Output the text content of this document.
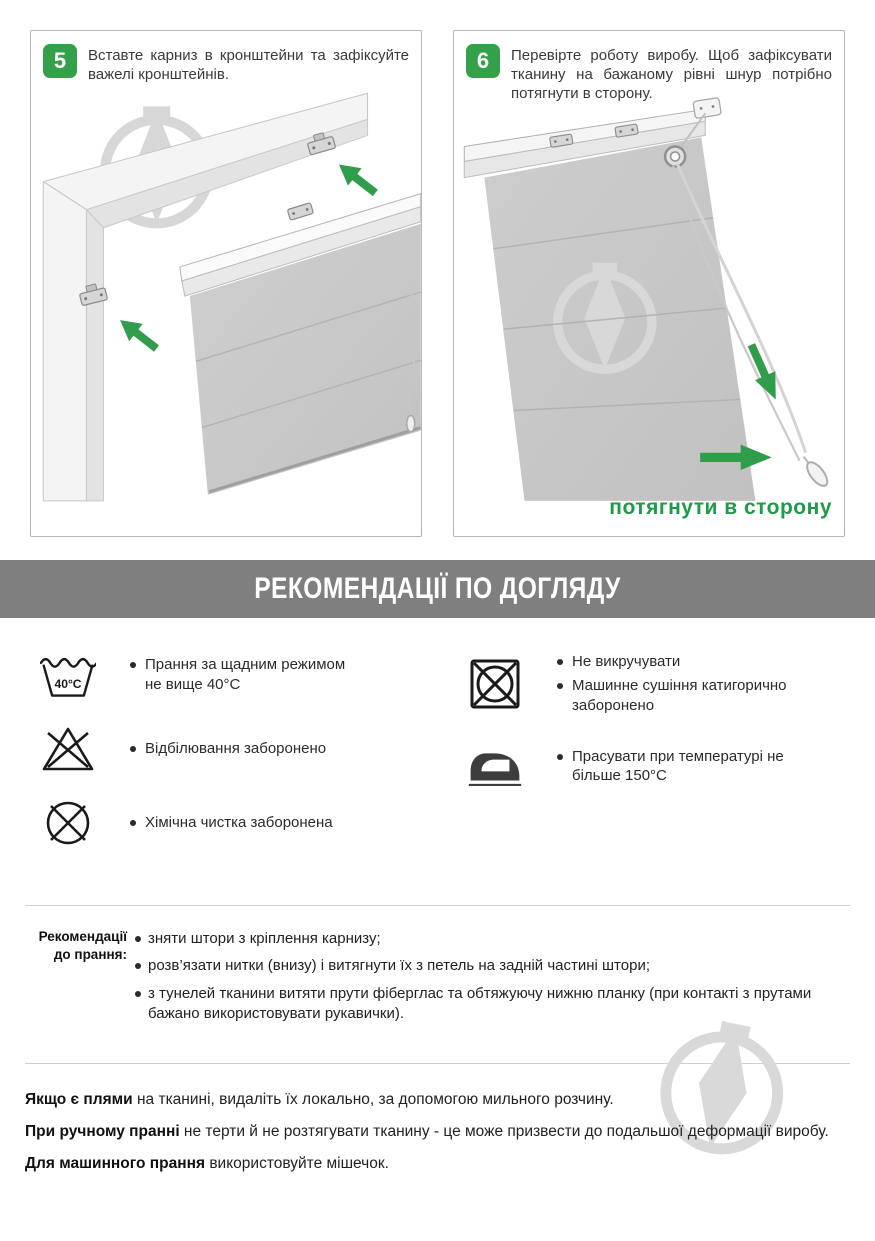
5	Вставте карниз в кронштейни та зафіксуйте важелі кронштейнів.

6	Перевірте роботу виробу. Щоб зафіксувати тканину на бажаному рівні шнур потрібно потягнути в сторону.

потягнути в сторону
РЕКОМЕНДАЦІЇ ПО ДОГЛЯДУ
40°C
Прання за щадним режимом не вище 40°С
Відбілювання заборонено
Хімічна чистка заборонена
Не викручувати
Машинне сушіння катигорично заборонено
Прасувати при температурі не більше 150°С
Рекомендації
до прання:
зняти штори з кріплення карнизу;
розв’язати нитки (внизу) і витягнути їх з петель на задній частині штори;
з тунелей тканини витяти прути фіберглас та обтяжуючу нижню планку (при контакті з прутами бажано використовувати рукавички).

Якщо є плями на тканині, видаліть їх локально, за допомогою мильного розчину.

При ручному пранні не терти й не розтягувати тканину - це може призвести до подальшої деформації виробу.

Для машинного прання використовуйте мішечок.
